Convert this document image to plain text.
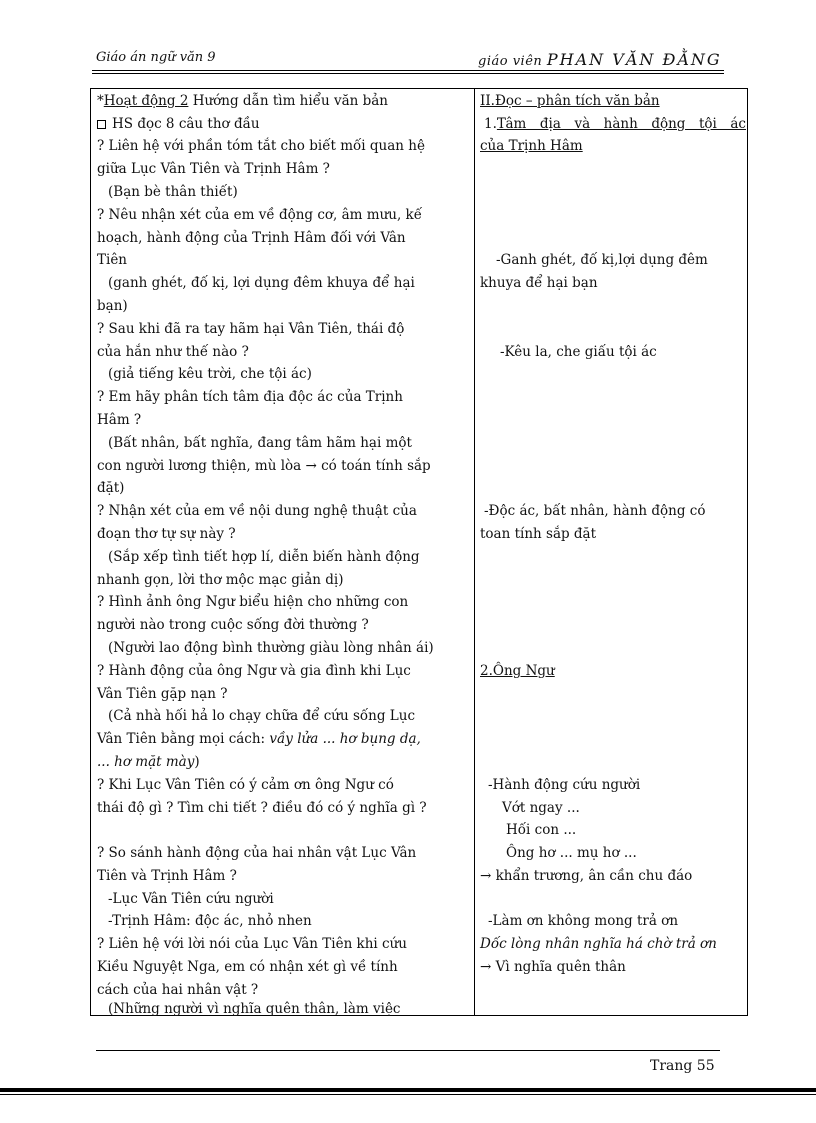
Giáo án ngữ văn 9	giáo viên PHAN VĂN ĐẰNG
*Hoạt động 2 Hướng dẫn tìm hiểu văn bản
HS đọc 8 câu thơ đầu
? Liên hệ với phần tóm tắt cho biết mối quan hệ
giữa Lục Vân Tiên và Trịnh Hâm ?
(Bạn bè thân thiết)
? Nêu nhận xét của em về động cơ, âm mưu, kế
hoạch, hành động của Trịnh Hâm đối với Vân
Tiên
(ganh ghét, đố kị, lợi dụng đêm khuya để hại
bạn)
? Sau khi đã ra tay hãm hại Vân Tiên, thái độ
của hắn như thế nào ?
(giả tiếng kêu trời, che tội ác)
? Em hãy phân tích tâm địa độc ác của Trịnh
Hâm ?
(Bất nhân, bất nghĩa, đang tâm hãm hại một
con người lương thiện, mù lòa → có toán tính sắp
đặt)
? Nhận xét của em về nội dung nghệ thuật của
đoạn thơ tự sự này ?
(Sắp xếp tình tiết hợp lí, diễn biến hành động
nhanh gọn, lời thơ mộc mạc giản dị)
? Hình ảnh ông Ngư biểu hiện cho những con
người nào trong cuộc sống đời thường ?
(Người lao động bình thường giàu lòng nhân ái)
? Hành động của ông Ngư và gia đình khi Lục
Vân Tiên gặp nạn ?
(Cả nhà hối hả lo chạy chữa để cứu sống Lục
Vân Tiên bằng mọi cách: vầy lửa ... hơ bụng dạ,
... hơ mặt mày)
? Khi Lục Vân Tiên có ý cảm ơn ông Ngư có
thái độ gì ? Tìm chi tiết ? điều đó có ý nghĩa gì ?
? So sánh hành động của hai nhân vật Lục Vân
Tiên và Trịnh Hâm ?
-Lục Vân Tiên cứu người
-Trịnh Hâm: độc ác, nhỏ nhen
? Liên hệ với lời nói của Lục Vân Tiên khi cứu
Kiều Nguyệt Nga, em có nhận xét gì về tính
cách của hai nhân vật ?
(Những người vì nghĩa quên thân, làm việc
II.Đọc – phân tích văn bản
1.Tâm địa và hành động tội ác
của Trịnh Hâm
-Ganh ghét, đố kị,lợi dụng đêm
khuya để hại bạn
-Kêu la, che giấu tội ác
-Độc ác, bất nhân, hành động có
toan tính sắp đặt
2.Ông Ngư
-Hành động cứu người
Vớt ngay ...
Hối con ...
Ông hơ ... mụ hơ ...
→ khẩn trương, ân cần chu đáo
-Làm ơn không mong trả ơn
Dốc lòng nhân nghĩa há chờ trả ơn
→ Vì nghĩa quên thân
Trang 55
